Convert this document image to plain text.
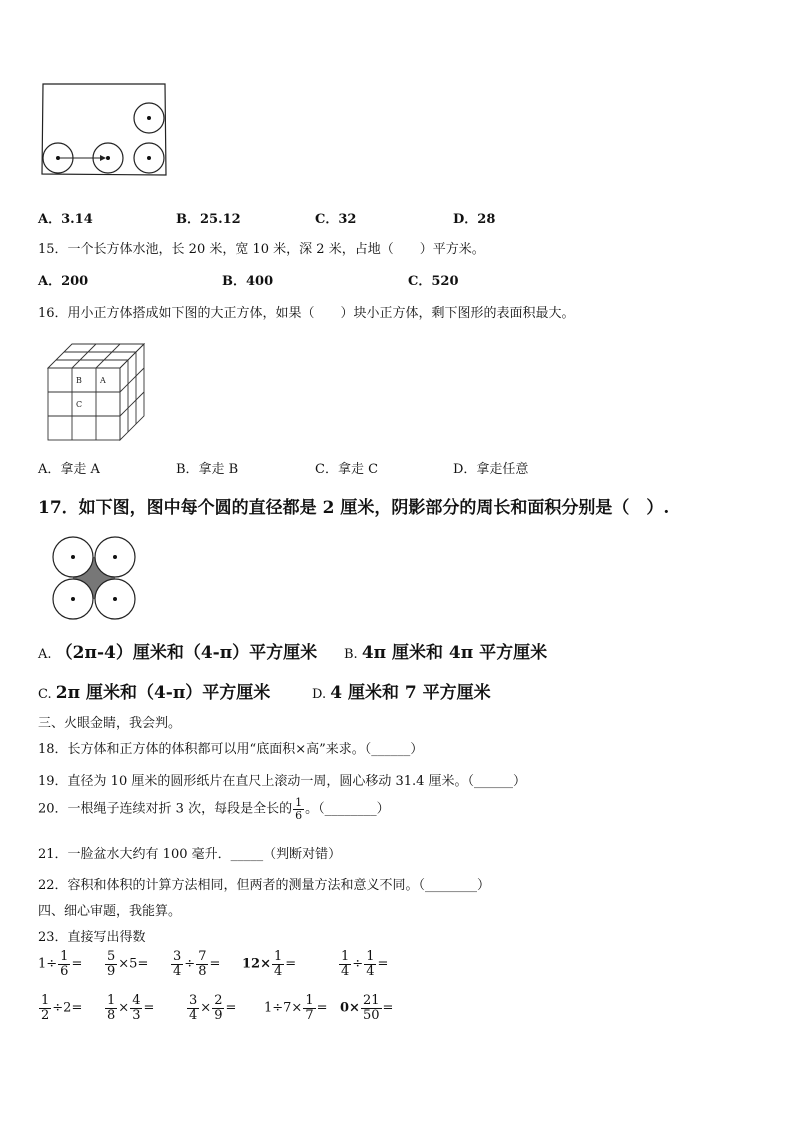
A．3.14	B．25.12	C．32	D．28
15．一个长方体水池，长 20 米，宽 10 米，深 2 米，占地（　　）平方米。
A．200	B．400	C．520
16．用小正方体搭成如下图的大正方体，如果（　　）块小正方体，剩下图形的表面积最大。
B A
C
A．拿走 A	B．拿走 B	C．拿走 C	D．拿走任意
17．如下图，图中每个圆的直径都是 2 厘米，阴影部分的周长和面积分别是（　）.
A. （2π-4）厘米和（4-π）平方厘米 B. 4π 厘米和 4π 平方厘米
C. 2π 厘米和（4-π）平方厘米	D. 4 厘米和 7 平方厘米
三、火眼金睛，我会判。
18．长方体和正方体的体积都可以用“底面积×高”来求。（______）
19．直径为 10 厘米的圆形纸片在直尺上滚动一周，圆心移动 31.4 厘米。（______）
20．一根绳子连续对折 3 次，每段是全长的 $\frac{1}{6}$ 。（________）
21．一脸盆水大约有 100 毫升．_____（判断对错）
22．容积和体积的计算方法相同，但两者的测量方法和意义不同。（________）
四、细心审题，我能算。
23．直接写出得数
$1\div \frac{1}{6} = \frac{5}{9} \times 5= \frac{3}{4} \div \frac{7}{8} = 12\times \frac{1}{4}$ =	$\frac{1}{4} \div \frac{1}{4}$ =
$\frac{1}{2} \div 2= \frac{1}{8} \times \frac{4}{3}$ =	$\frac{3}{4} \times \frac{2}{9} = 1\div 7\times \frac{1}{7} = 0\times \frac{21}{50}$ =
